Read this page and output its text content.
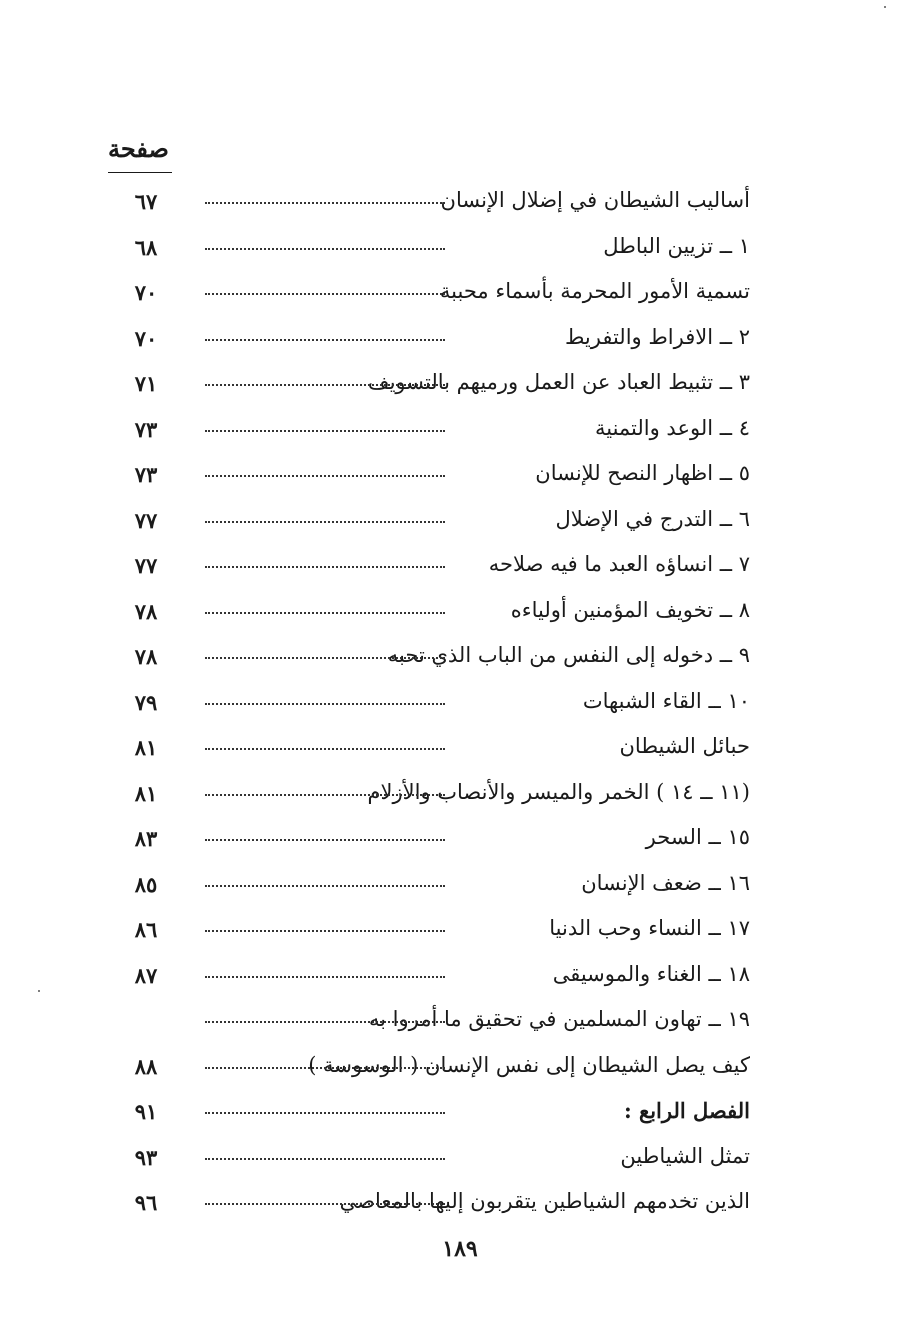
صفحة
أساليب الشيطان في إضلال الإنسان
٦٧
١ ــ تزيين الباطل
٦٨
تسمية الأمور المحرمة بأسماء محببة
٧٠
٢ ــ الافراط والتفريط
٧٠
٣ ــ تثبيط العباد عن العمل ورميهم بالتسويف
٧١
٤ ــ الوعد والتمنية
٧٣
٥ ــ اظهار النصح للإنسان
٧٣
٦ ــ التدرج في الإضلال
٧٧
٧ ــ انساؤه العبد ما فيه صلاحه
٧٧
٨ ــ تخويف المؤمنين أولياءه
٧٨
٩ ــ دخوله إلى النفس من الباب الذي تحبه
٧٨
١٠ ــ القاء الشبهات
٧٩
حبائل الشيطان
٨١
(١١ ــ ١٤ ) الخمر والميسر والأنصاب والأزلام
٨١
١٥ ــ السحر
٨٣
١٦ ــ ضعف الإنسان
٨٥
١٧ ــ النساء وحب الدنيا
٨٦
١٨ ــ الغناء والموسيقى
٨٧
١٩ ــ تهاون المسلمين في تحقيق ما أمروا به
كيف يصل الشيطان إلى نفس الإنسان ( الوسوسة )
٨٨
الفصل الرابع :
٩١
تمثل الشياطين
٩٣
الذين تخدمهم الشياطين يتقربون إليها بالمعاصي
٩٦
١٨٩
